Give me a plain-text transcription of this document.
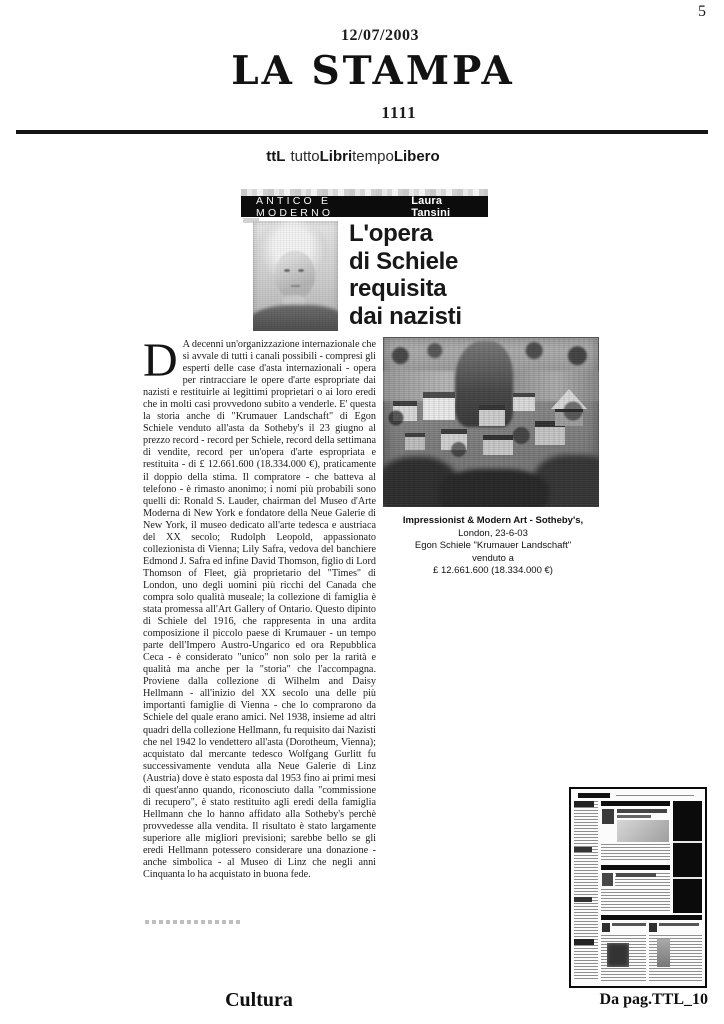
5
12/07/2003
LA STAMPA
1111
ttL tuttoLibritempoLibero
ANTICO E MODERNO
Laura Tansini
L'opera
di Schiele
requisita
dai nazisti
D A decenni un'organizzazione internazionale che si avvale di tutti i canali possibili - compresi gli esperti delle case d'asta internazionali - opera per rintracciare le opere d'arte espropriate dai nazisti e restituirle ai legittimi proprietari o ai loro eredi che in molti casi provvedono subito a venderle. E' questa la storia anche di "Krumauer Landschaft" di Egon Schiele venduto all'asta da Sotheby's il 23 giugno al prezzo record - record per Schiele, record della settimana di vendite, record per un'opera d'arte espropriata e restituita - di £ 12.661.600 (18.334.000 €), praticamente il doppio della stima. Il compratore - che batteva al telefono - è rimasto anonimo; i nomi più probabili sono quelli di: Ronald S. Lauder, chairman del Museo d'Arte Moderna di New York e fondatore della Neue Galerie di New York, il museo dedicato all'arte tedesca e austriaca del XX secolo; Rudolph Leopold, appassionato collezionista di Vienna; Lily Safra, vedova del banchiere Edmond J. Safra ed infine David Thomson, figlio di Lord Thomson of Fleet, già proprietario del "Times" di London, uno degli uomini più ricchi del Canada che compra solo qualità museale; la collezione di famiglia è stata promessa all'Art Gallery of Ontario. Questo dipinto di Schiele del 1916, che rappresenta in una ardita composizione il piccolo paese di Krumauer - un tempo parte dell'Impero Austro-Ungarico ed ora Repubblica Ceca - è considerato "unico" non solo per la rarità e qualità ma anche per la "storia" che l'accompagna. Proviene dalla collezione di Wilhelm and Daisy Hellmann - all'inizio del XX secolo una delle più importanti famiglie di Vienna - che lo comprarono da Schiele del quale erano amici. Nel 1938, insieme ad altri quadri della collezione Hellmann, fu requisito dai Nazisti che nel 1942 lo vendettero all'asta (Dorotheum, Vienna); acquistato dal mercante tedesco Wolfgang Gurlitt fu successivamente venduta alla Neue Galerie di Linz (Austria) dove è stato esposta dal 1953 fino ai primi mesi di quest'anno quando, riconosciuto dalla "commissione di recupero", è stato restituito agli eredi della famiglia Hellmann che lo hanno affidato alla Sotheby's perchè provvedesse alla vendita. Il risultato è stato largamente superiore alle migliori previsioni; sarebbe bello se gli eredi Hellmann potessero considerare una donazione - anche simbolica - al Museo di Linz che negli anni Cinquanta lo ha acquistato in buona fede.
Impressionist & Modern Art - Sotheby's,
London, 23-6-03
Egon Schiele "Krumauer Landschaft"
venduto a
£ 12.661.600 (18.334.000 €)
Cultura	Da pag.TTL_10
